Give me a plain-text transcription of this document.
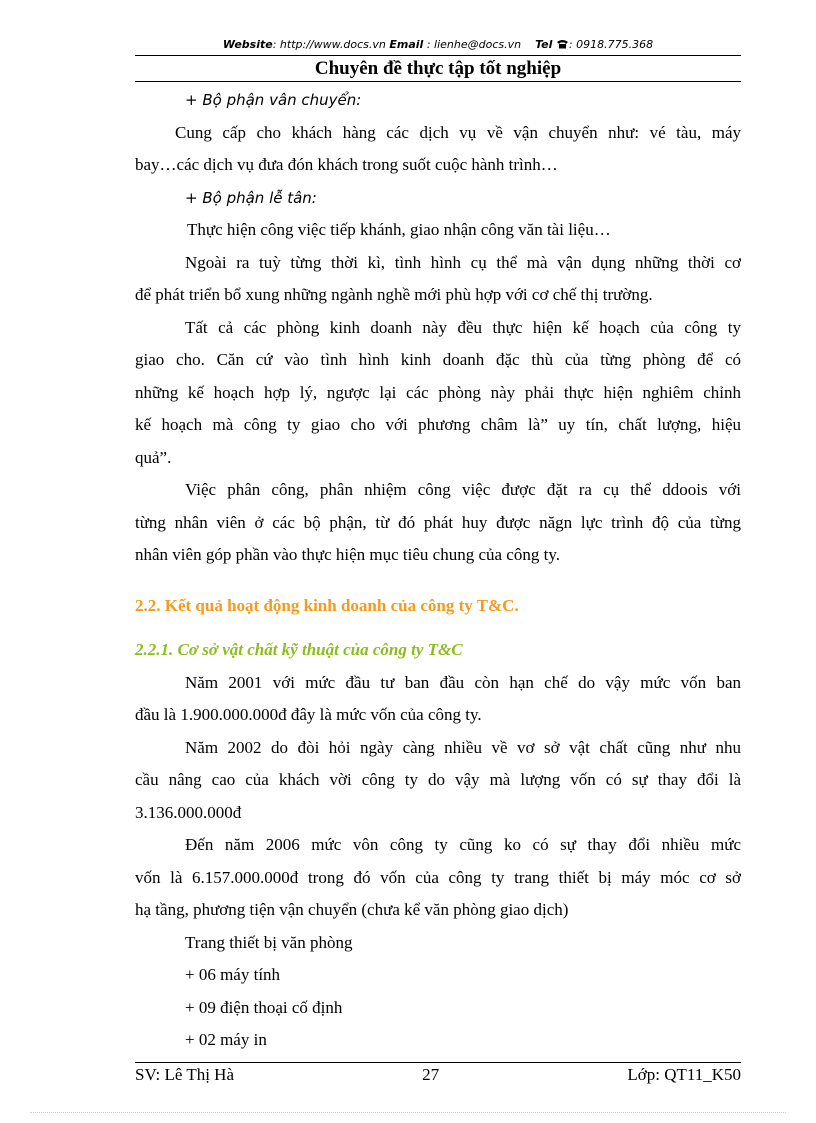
Website: http://www.docs.vn Email : lienhe@docs.vn Tel : 0918.775.368
Chuyên đề thực tập tốt nghiệp
+ Bộ phận vân chuyển:
Cung cấp cho khách hàng các dịch vụ về vận chuyển như: vé tàu, máy
bay…các dịch vụ đưa đón khách trong suốt cuộc hành trình…
+ Bộ phận lễ tân:
Thực hiện công việc tiếp khánh, giao nhận công văn tài liệu…
Ngoài ra tuỳ từng thời kì, tình hình cụ thể mà vận dụng những thời cơ
để phát triển bổ xung những ngành nghề mới phù hợp với cơ chế thị trường.
Tất cả các phòng kinh doanh này đều thực hiện kế hoạch của công ty
giao cho. Căn cứ vào tình hình kinh doanh đặc thù của từng phòng để có
những kế hoạch hợp lý, ngược lại các phòng này phải thực hiện nghiêm chỉnh
kế hoạch mà công ty giao cho với phương châm là” uy tín, chất lượng, hiệu
quả”.
Việc phân công, phân nhiệm công việc được đặt ra cụ thể ddoois với
từng nhân viên ở các bộ phận, từ đó phát huy được năgn lực trình độ của từng
nhân viên góp phần vào thực hiện mục tiêu chung của công ty.
2.2. Kết quả hoạt động kinh doanh của công ty T&C.
2.2.1. Cơ sở vật chất kỹ thuật của công ty T&C
Năm 2001 với mức đầu tư ban đầu còn hạn chế do vậy mức vốn ban
đầu là 1.900.000.000đ đây là mức vốn của công ty.
Năm 2002 do đòi hỏi ngày càng nhiều về vơ sở vật chất cũng như nhu
cầu nâng cao của khách vời công ty do vậy mà lượng vốn có sự thay đổi là
3.136.000.000đ
Đến năm 2006 mức vôn công ty cũng ko có sự thay đổi nhiều mức
vốn là 6.157.000.000đ trong đó vốn của công ty trang thiết bị máy móc cơ sở
hạ tầng, phương tiện vận chuyển (chưa kể văn phòng giao dịch)
Trang thiết bị văn phòng
+ 06 máy tính
+ 09 điện thoại cố định
+ 02 máy in
SV: Lê Thị Hà	27	Lớp: QT11_K50
